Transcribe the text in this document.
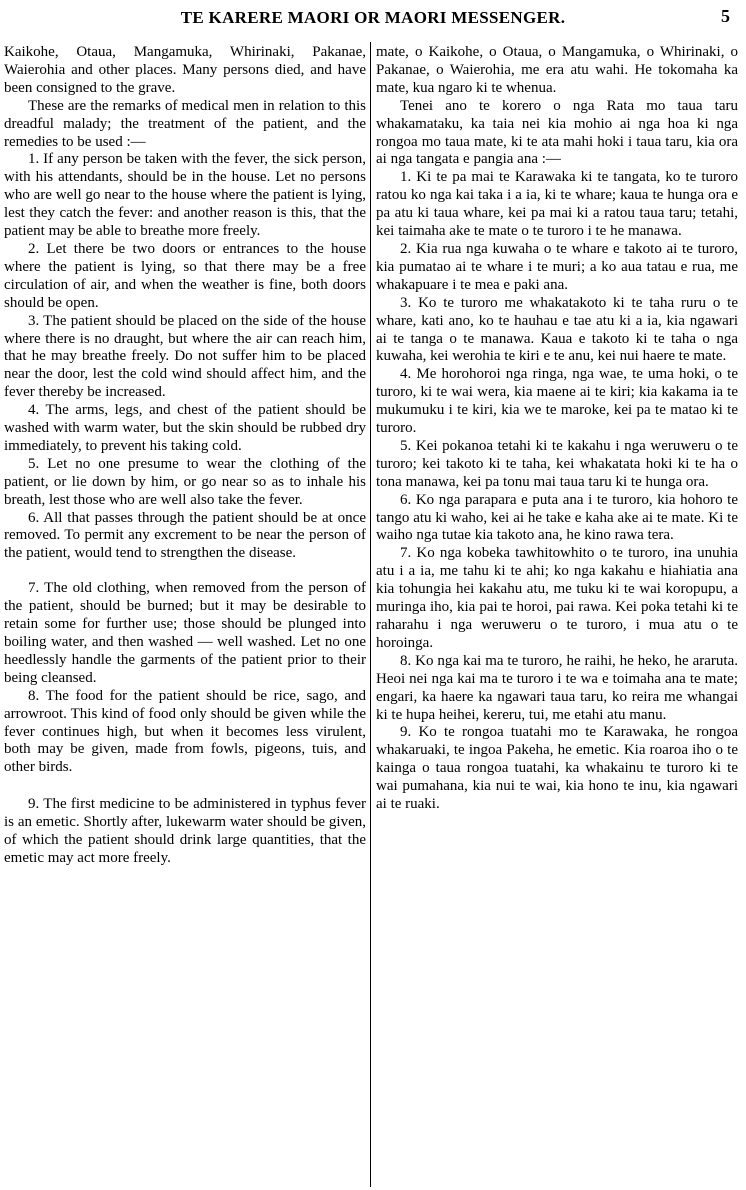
TE KARERE MAORI OR MAORI MESSENGER.	5

Kaikohe, Otaua, Mangamuka, Whirinaki, Pakanae, Waierohia and other places. Many persons died, and have been consigned to the grave.

These are the remarks of medical men in relation to this dreadful malady; the treatment of the patient, and the remedies to be used :—

1. If any person be taken with the fever, the sick person, with his attendants, should be in the house. Let no persons who are well go near to the house where the patient is lying, lest they catch the fever: and another reason is this, that the patient may be able to breathe more freely.

2. Let there be two doors or entrances to the house where the patient is lying, so that there may be a free circulation of air, and when the weather is fine, both doors should be open.

3. The patient should be placed on the side of the house where there is no draught, but where the air can reach him, that he may breathe freely. Do not suffer him to be placed near the door, lest the cold wind should affect him, and the fever thereby be increased.

4. The arms, legs, and chest of the patient should be washed with warm water, but the skin should be rubbed dry immediately, to prevent his taking cold.

5. Let no one presume to wear the clothing of the patient, or lie down by him, or go near so as to inhale his breath, lest those who are well also take the fever.

6. All that passes through the patient should be at once removed. To permit any excrement to be near the person of the patient, would tend to strengthen the disease.

7. The old clothing, when removed from the person of the patient, should be burned; but it may be desirable to retain some for further use; those should be plunged into boiling water, and then washed — well washed. Let no one heedlessly handle the garments of the patient prior to their being cleansed.

8. The food for the patient should be rice, sago, and arrowroot. This kind of food only should be given while the fever continues high, but when it becomes less virulent, both may be given, made from fowls, pigeons, tuis, and other birds.

9. The first medicine to be administered in typhus fever is an emetic. Shortly after, lukewarm water should be given, of which the patient should drink large quantities, that the emetic may act more freely.

mate, o Kaikohe, o Otaua, o Mangamuka, o Whirinaki, o Pakanae, o Waierohia, me era atu wahi. He tokomaha ka mate, kua ngaro ki te whenua.

Tenei ano te korero o nga Rata mo taua taru whakamataku, ka taia nei kia mohio ai nga hoa ki nga rongoa mo taua mate, ki te ata mahi hoki i taua taru, kia ora ai nga tangata e pangia ana :—

1. Ki te pa mai te Karawaka ki te tangata, ko te turoro ratou ko nga kai taka i a ia, ki te whare; kaua te hunga ora e pa atu ki taua whare, kei pa mai ki a ratou taua taru; tetahi, kei taimaha ake te mate o te turoro i te he manawa.

2. Kia rua nga kuwaha o te whare e takoto ai te turoro, kia pumatao ai te whare i te muri; a ko aua tatau e rua, me whakapuare i te mea e paki ana.

3. Ko te turoro me whakatakoto ki te taha ruru o te whare, kati ano, ko te hauhau e tae atu ki a ia, kia ngawari ai te tanga o te manawa. Kaua e takoto ki te taha o nga kuwaha, kei werohia te kiri e te anu, kei nui haere te mate.

4. Me horohoroi nga ringa, nga wae, te uma hoki, o te turoro, ki te wai wera, kia maene ai te kiri; kia kakama ia te mukumuku i te kiri, kia we te maroke, kei pa te matao ki te turoro.

5. Kei pokanoa tetahi ki te kakahu i nga weruweru o te turoro; kei takoto ki te taha, kei whakatata hoki ki te ha o tona manawa, kei pa tonu mai taua taru ki te hunga ora.

6. Ko nga parapara e puta ana i te turoro, kia hohoro te tango atu ki waho, kei ai he take e kaha ake ai te mate. Ki te waiho nga tutae kia takoto ana, he kino rawa tera.

7. Ko nga kobeka tawhitowhito o te turoro, ina unuhia atu i a ia, me tahu ki te ahi; ko nga kakahu e hiahiatia ana kia tohungia hei kakahu atu, me tuku ki te wai koropupu, a muringa iho, kia pai te horoi, pai rawa. Kei poka tetahi ki te raharahu i nga weruweru o te turoro, i mua atu o te horoinga.

8. Ko nga kai ma te turoro, he raihi, he heko, he araruta. Heoi nei nga kai ma te turoro i te wa e toimaha ana te mate; engari, ka haere ka ngawari taua taru, ko reira me whangai ki te hupa heihei, kereru, tui, me etahi atu manu.

9. Ko te rongoa tuatahi mo te Karawaka, he rongoa whakaruaki, te ingoa Pakeha, he emetic. Kia roaroa iho o te kainga o taua rongoa tuatahi, ka whakainu te turoro ki te wai pumahana, kia nui te wai, kia hono te inu, kia ngawari ai te ruaki.
